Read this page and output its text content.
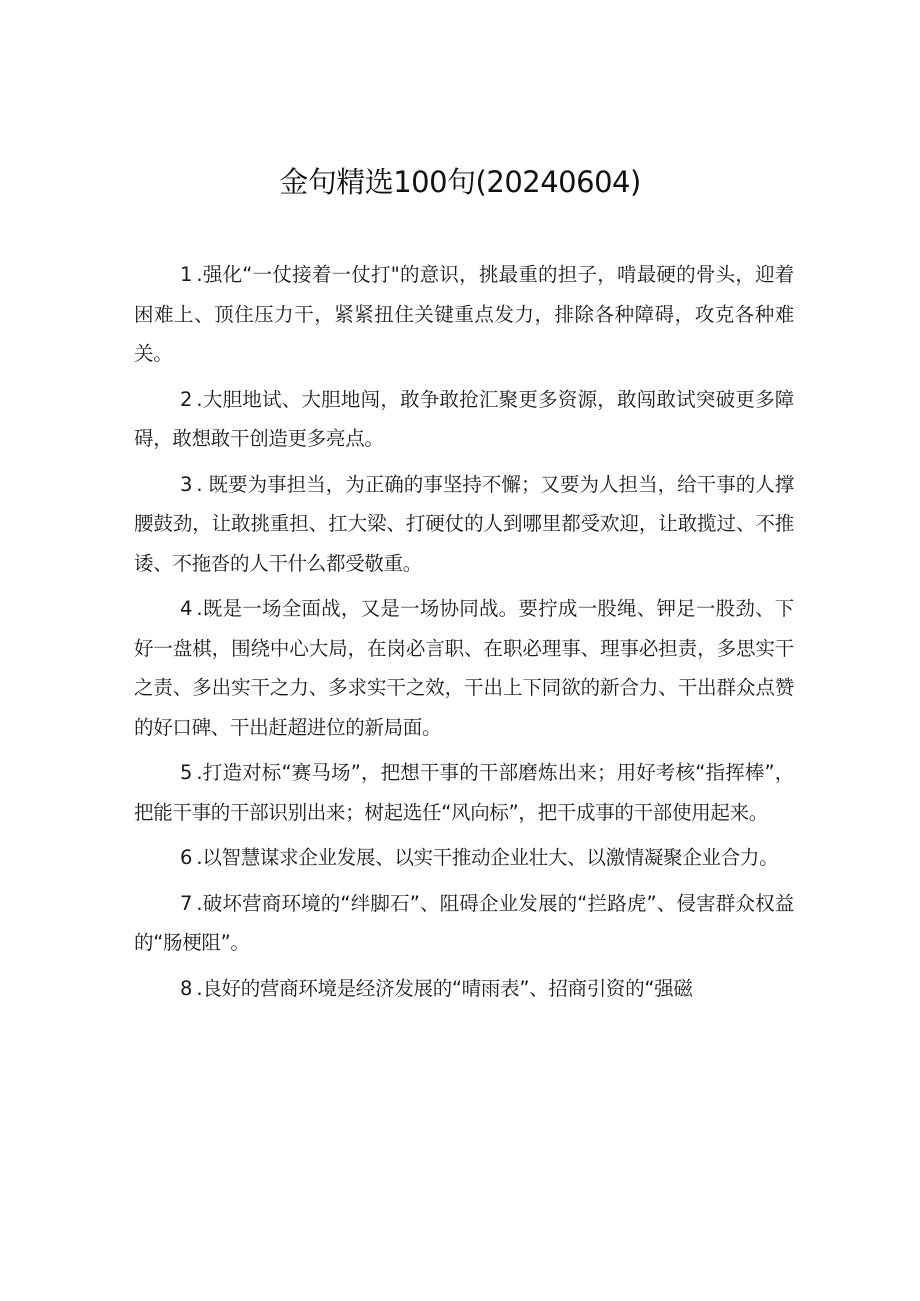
金句精选100句(20240604)

1.强化“一仗接着一仗打"的意识，挑最重的担子，啃最硬的骨头，迎着困难上、顶住压力干，紧紧扭住关键重点发力，排除各种障碍，攻克各种难关。

2.大胆地试、大胆地闯，敢争敢抢汇聚更多资源，敢闯敢试突破更多障碍，敢想敢干创造更多亮点。

3. 既要为事担当，为正确的事坚持不懈；又要为人担当，给干事的人撑腰鼓劲，让敢挑重担、扛大梁、打硬仗的人到哪里都受欢迎，让敢揽过、不推诿、不拖沓的人干什么都受敬重。

4.既是一场全面战，又是一场协同战。要拧成一股绳、钾足一股劲、下好一盘棋，围绕中心大局，在岗必言职、在职必理事、理事必担责，多思实干之责、多出实干之力、多求实干之效，干出上下同欲的新合力、干出群众点赞的好口碑、干出赶超进位的新局面。

5.打造对标“赛马场”，把想干事的干部磨炼出来；用好考核“指挥棒”，把能干事的干部识别出来；树起选任“风向标”，把干成事的干部使用起来。

6.以智慧谋求企业发展、以实干推动企业壮大、以激情凝聚企业合力。

7.破坏营商环境的“绊脚石”、阻碍企业发展的“拦路虎”、侵害群众权益的“肠梗阻”。

8.良好的营商环境是经济发展的“晴雨表”、招商引资的“强磁
